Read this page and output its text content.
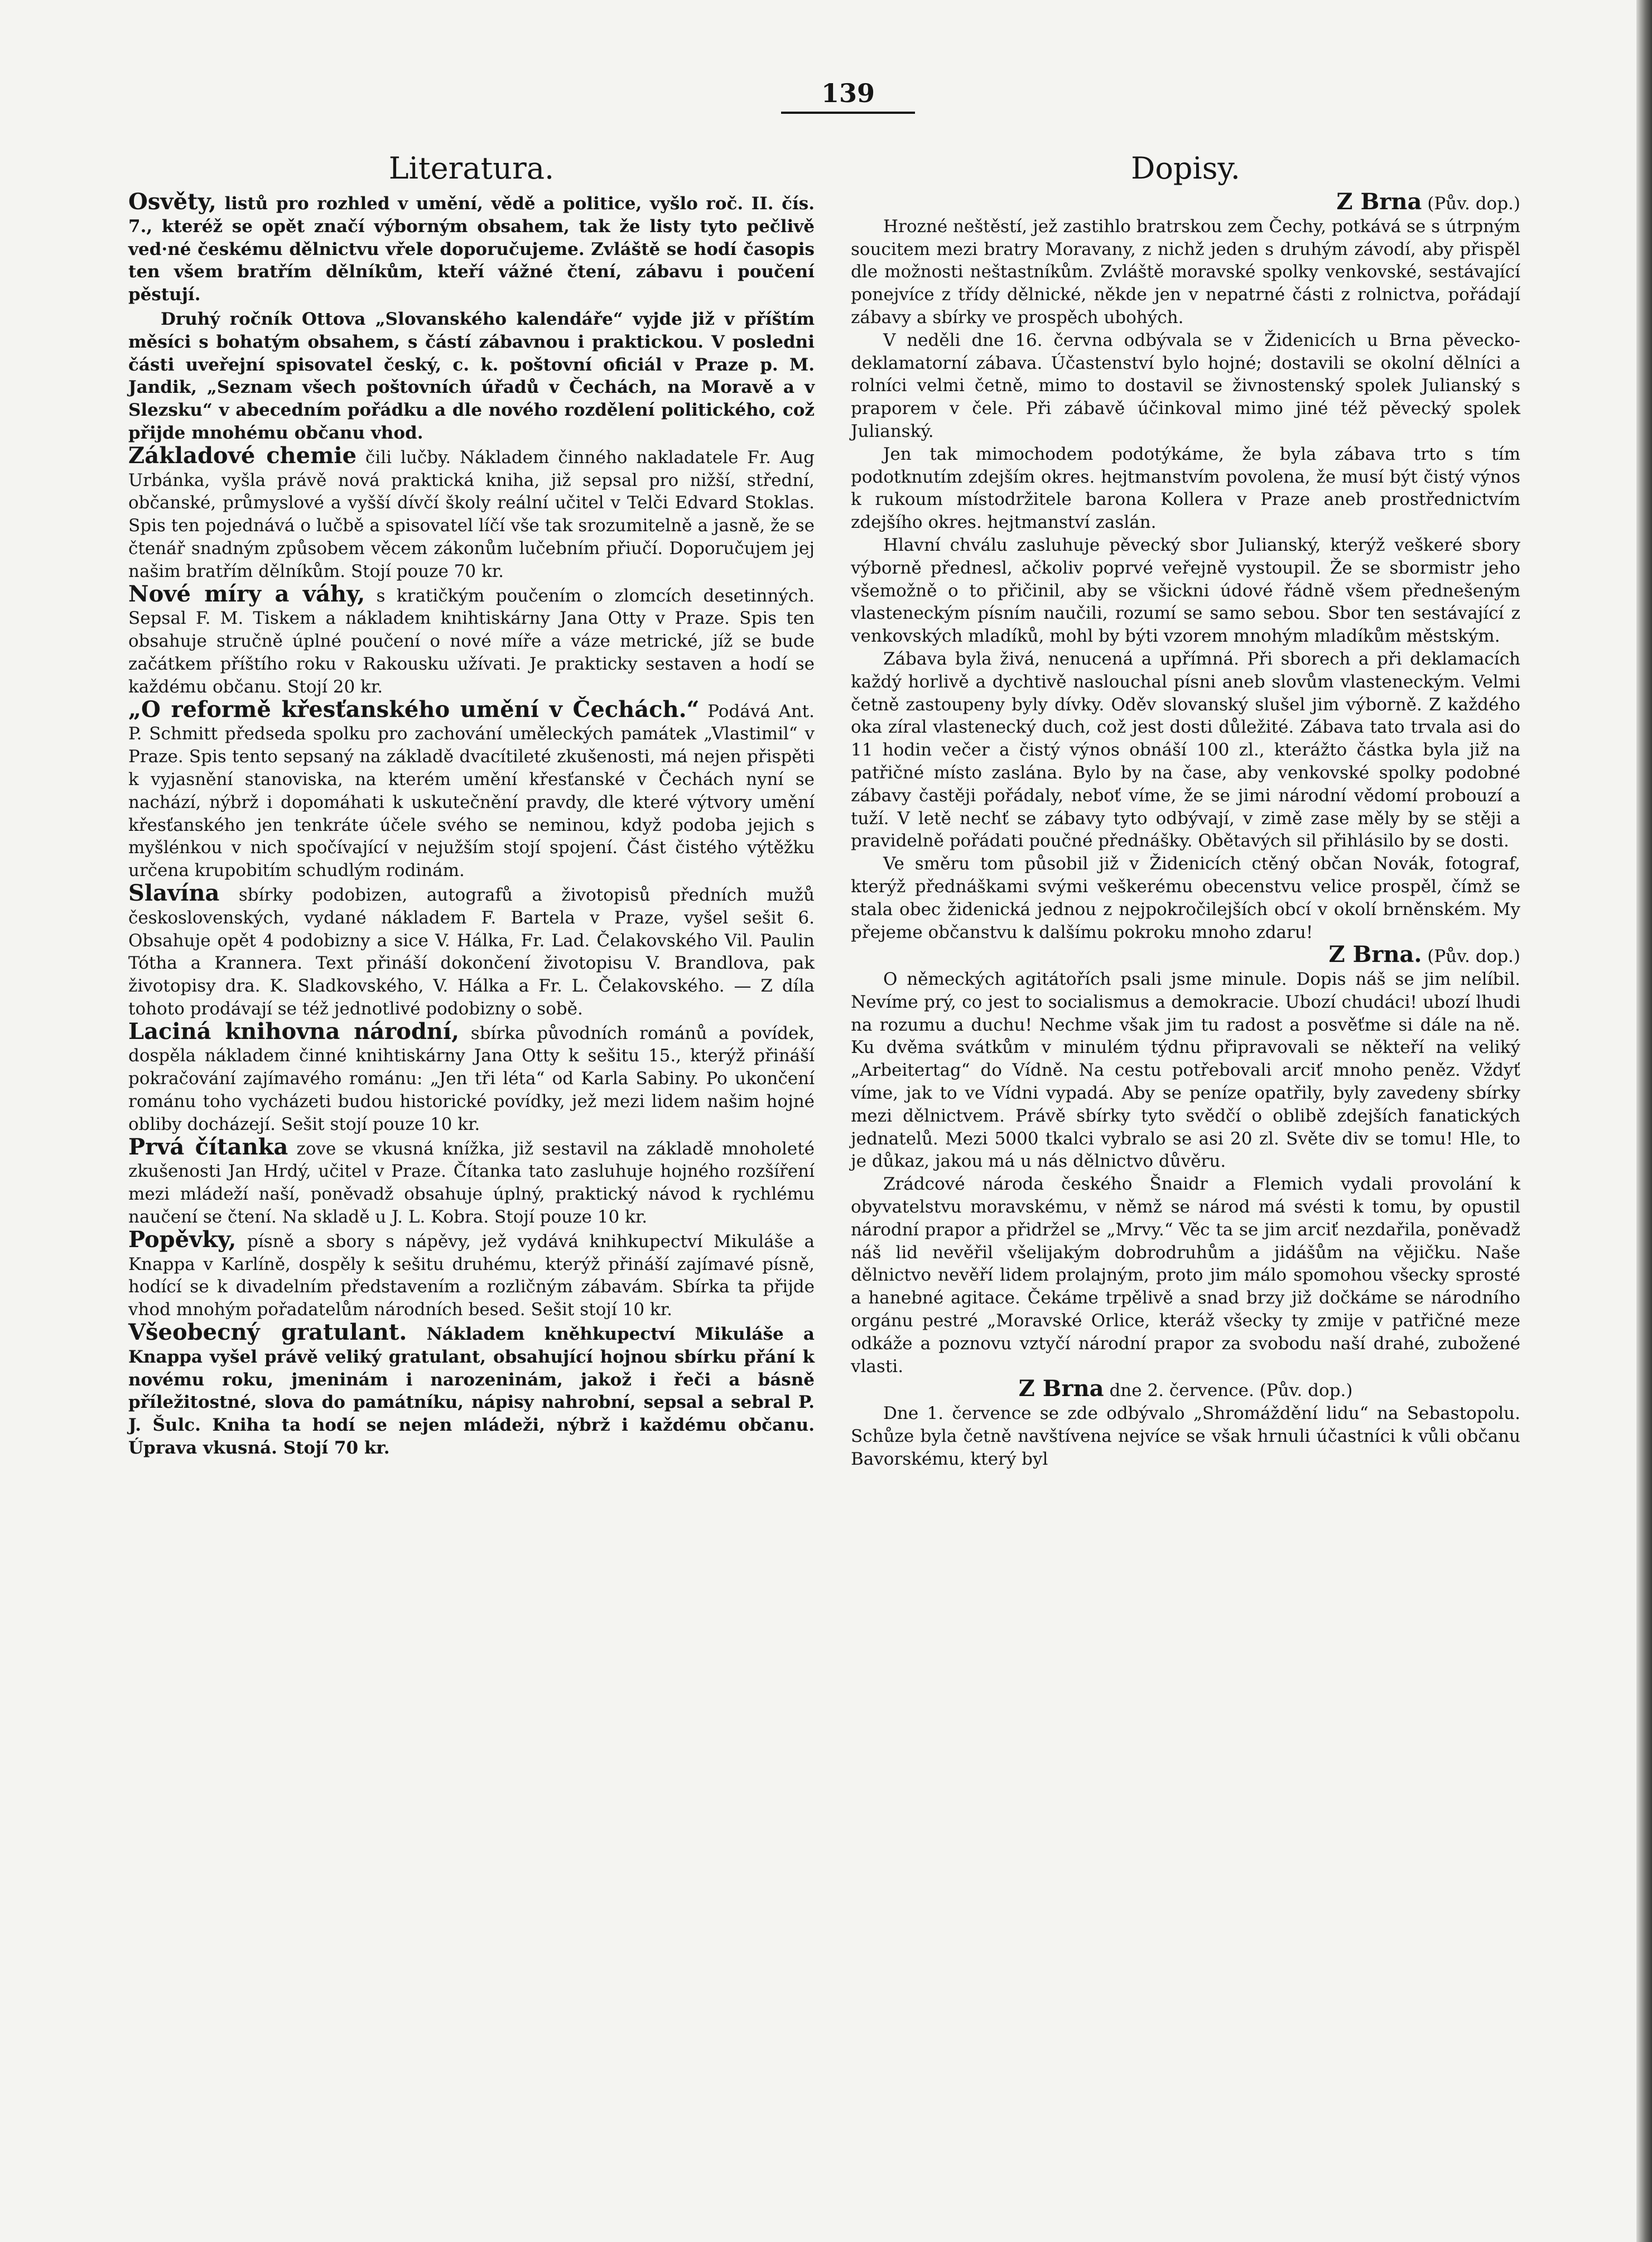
139
Literatura.

Osvěty, listů pro rozhled v umění, vědě a politice, vyšlo roč. II. čís. 7., kteréž se opět značí výborným obsahem, tak že listy tyto pečlivě ved·né českému dělnictvu vřele doporučujeme. Zvláště se hodí časopis ten všem bratřím dělníkům, kteří vážné čtení, zábavu i poučení pěstují.

Druhý ročník Ottova „Slovanského kalendáře“ vyjde již v příštím měsíci s bohatým obsahem, s částí zábavnou i praktickou. V posledni části uveřejní spisovatel český, c. k. poštovní oficiál v Praze p. M. Jandik, „Seznam všech poštovních úřadů v Čechách, na Moravě a v Slezsku“ v abecedním pořádku a dle nového rozdělení politického, což přijde mnohému občanu vhod.

Základové chemie čili lučby. Nákladem činného nakladatele Fr. Aug Urbánka, vyšla právě nová praktická kniha, již sepsal pro nižší, střední, občanské, průmyslové a vyšší dívčí školy reální učitel v Telči Edvard Stoklas. Spis ten pojednává o lučbě a spisovatel líčí vše tak srozumitelně a jasně, že se čtenář snadným způsobem věcem zákonům lučebním přiučí. Doporučujem jej našim bratřím dělníkům. Stojí pouze 70 kr.

Nové míry a váhy, s kratičkým poučením o zlomcích desetinných. Sepsal F. M. Tiskem a nákladem knihtiskárny Jana Otty v Praze. Spis ten obsahuje stručně úplné poučení o nové míře a váze metrické, jíž se bude začátkem příštího roku v Rakousku užívati. Je prakticky sestaven a hodí se každému občanu. Stojí 20 kr.

„O reformě křesťanského umění v Čechách.“ Podává Ant. P. Schmitt předseda spolku pro zachování uměleckých památek „Vlastimil“ v Praze. Spis tento sepsaný na základě dvacítileté zkušenosti, má nejen přispěti k vyjasnění stanoviska, na kterém umění křesťanské v Čechách nyní se nachází, nýbrž i dopomáhati k uskutečnění pravdy, dle které výtvory umění křesťanského jen tenkráte účele svého se neminou, když podoba jejich s myšlénkou v nich spočívající v nejužším stojí spojení. Část čistého výtěžku určena krupobitím schudlým rodinám.

Slavína sbírky podobizen, autografů a životopisů předních mužů československých, vydané nákladem F. Bartela v Praze, vyšel sešit 6. Obsahuje opět 4 podobizny a sice V. Hálka, Fr. Lad. Čelakovského Vil. Paulin Tótha a Krannera. Text přináší dokončení životopisu V. Brandlova, pak životopisy dra. K. Sladkovského, V. Hálka a Fr. L. Čelakovského. — Z díla tohoto prodávají se též jednotlivé podobizny o sobě.

Laciná knihovna národní, sbírka původních románů a povídek, dospěla nákladem činné knihtiskárny Jana Otty k sešitu 15., kterýž přináší pokračování zajímavého románu: „Jen tři léta“ od Karla Sabiny. Po ukončení románu toho vycházeti budou historické povídky, jež mezi lidem našim hojné obliby docházejí. Sešit stojí pouze 10 kr.

Prvá čítanka zove se vkusná knížka, již sestavil na základě mnoholeté zkušenosti Jan Hrdý, učitel v Praze. Čítanka tato zasluhuje hojného rozšíření mezi mládeží naší, poněvadž obsahuje úplný, praktický návod k rychlému naučení se čtení. Na skladě u J. L. Kobra. Stojí pouze 10 kr.

Popěvky, písně a sbory s nápěvy, jež vydává knihkupectví Mikuláše a Knappa v Karlíně, dospěly k sešitu druhému, kterýž přináší zajímavé písně, hodící se k divadelním představením a rozličným zábavám. Sbírka ta přijde vhod mnohým pořadatelům národních besed. Sešit stojí 10 kr.

Všeobecný gratulant. Nákladem kněhkupectví Mikuláše a Knappa vyšel právě veliký gratulant, obsahující hojnou sbírku přání k novému roku, jmeninám i narozeninám, jakož i řeči a básně příležitostné, slova do památníku, nápisy nahrobní, sepsal a sebral P. J. Šulc. Kniha ta hodí se nejen mládeži, nýbrž i každému občanu. Úprava vkusná. Stojí 70 kr.

Dopisy.

Z Brna (Pův. dop.)

Hrozné neštěstí, jež zastihlo bratrskou zem Čechy, potkává se s útrpným soucitem mezi bratry Moravany, z nichž jeden s druhým závodí, aby přispěl dle možnosti neštastníkům. Zvláště moravské spolky venkovské, sestávající ponejvíce z třídy dělnické, někde jen v nepatrné části z rolnictva, pořádají zábavy a sbírky ve prospěch ubohých.

V neděli dne 16. června odbývala se v Židenicích u Brna pěvecko-deklamatorní zábava. Účastenství bylo hojné; dostavili se okolní dělníci a rolníci velmi četně, mimo to dostavil se živnostenský spolek Julianský s praporem v čele. Při zábavě účinkoval mimo jiné též pěvecký spolek Julianský.

Jen tak mimochodem podotýkáme, že byla zábava trto s tím podotknutím zdejším okres. hejtmanstvím povolena, že musí být čistý výnos k rukoum místodržitele barona Kollera v Praze aneb prostřednictvím zdejšího okres. hejtmanství zaslán.

Hlavní chválu zasluhuje pěvecký sbor Julianský, kterýž veškeré sbory výborně přednesl, ačkoliv poprvé veřejně vystoupil. Že se sbormistr jeho všemožně o to přičinil, aby se všickni údové řádně všem přednešeným vlasteneckým písním naučili, rozumí se samo sebou. Sbor ten sestávající z venkovských mladíků, mohl by býti vzorem mnohým mladíkům městským.

Zábava byla živá, nenucená a upřímná. Při sborech a při deklamacích každý horlivě a dychtivě naslouchal písni aneb slovům vlasteneckým. Velmi četně zastoupeny byly dívky. Oděv slovanský slušel jim výborně. Z každého oka zíral vlastenecký duch, což jest dosti důležité. Zábava tato trvala asi do 11 hodin večer a čistý výnos obnáší 100 zl., kterážto částka byla již na patřičné místo zaslána. Bylo by na čase, aby venkovské spolky podobné zábavy častěji pořádaly, neboť víme, že se jimi národní vědomí probouzí a tuží. V letě nechť se zábavy tyto odbývají, v zimě zase měly by se stěji a pravidelně pořádati poučné přednášky. Obětavých sil přihlásilo by se dosti.

Ve směru tom působil již v Židenicích ctěný občan Novák, fotograf, kterýž přednáškami svými veškerému obecenstvu velice prospěl, čímž se stala obec židenická jednou z nejpokročilejších obcí v okolí brněnském. My přejeme občanstvu k dalšímu pokroku mnoho zdaru!

Z Brna. (Pův. dop.)

O německých agitátořích psali jsme minule. Dopis náš se jim nelíbil. Nevíme prý, co jest to socialismus a demokracie. Ubozí chudáci! ubozí lhudi na rozumu a duchu! Nechme však jim tu radost a posvěťme si dále na ně. Ku dvěma svátkům v minulém týdnu připravovali se někteří na veliký „Arbeitertag“ do Vídně. Na cestu potřebovali arciť mnoho peněz. Vždyť víme, jak to ve Vídni vypadá. Aby se peníze opatřily, byly zavedeny sbírky mezi dělnictvem. Právě sbírky tyto svědčí o oblibě zdejších fanatických jednatelů. Mezi 5000 tkalci vybralo se asi 20 zl. Světe div se tomu! Hle, to je důkaz, jakou má u nás dělnictvo důvěru.

Zrádcové národa českého Šnaidr a Flemich vydali provolání k obyvatelstvu moravskému, v němž se národ má svésti k tomu, by opustil národní prapor a přidržel se „Mrvy.“ Věc ta se jim arciť nezdařila, poněvadž náš lid nevěřil všelijakým dobrodruhům a jidášům na vějičku. Naše dělnictvo nevěří lidem prolajným, proto jim málo spomohou všecky sprosté a hanebné agitace. Čekáme trpělivě a snad brzy již dočkáme se národního orgánu pestré „Moravské Orlice, kteráž všecky ty zmije v patřičné meze odkáže a poznovu vztyčí národní prapor za svobodu naší drahé, zubožené vlasti.

Z Brna dne 2. července. (Pův. dop.)

Dne 1. července se zde odbývalo „Shromáždění lidu“ na Sebastopolu. Schůze byla četně navštívena nejvíce se však hrnuli účastníci k vůli občanu Bavorskému, který byl
